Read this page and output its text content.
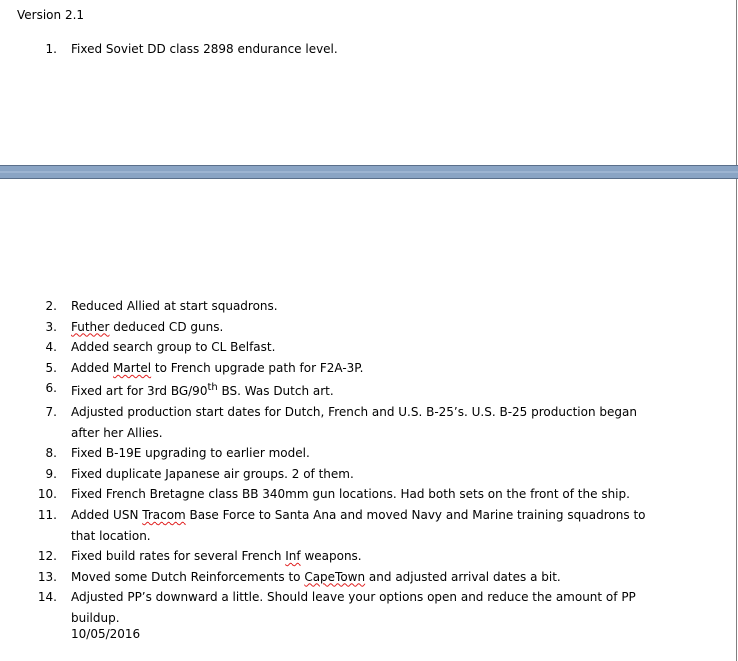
Version 2.1
1. Fixed Soviet DD class 2898 endurance level.
2. Reduced Allied at start squadrons.
3. Futher deduced CD guns.
4. Added search group to CL Belfast.
5. Added Martel to French upgrade path for F2A-3P.
6. Fixed art for 3rd BG/90th BS. Was Dutch art.
7. Adjusted production start dates for Dutch, French and U.S. B-25’s. U.S. B-25 production began after her Allies.
8. Fixed B-19E upgrading to earlier model.
9. Fixed duplicate Japanese air groups. 2 of them.
10. Fixed French Bretagne class BB 340mm gun locations. Had both sets on the front of the ship.
11. Added USN Tracom Base Force to Santa Ana and moved Navy and Marine training squadrons to that location.
12. Fixed build rates for several French Inf weapons.
13. Moved some Dutch Reinforcements to CapeTown and adjusted arrival dates a bit.
14. Adjusted PP’s downward a little. Should leave your options open and reduce the amount of PP buildup.
10/05/2016
